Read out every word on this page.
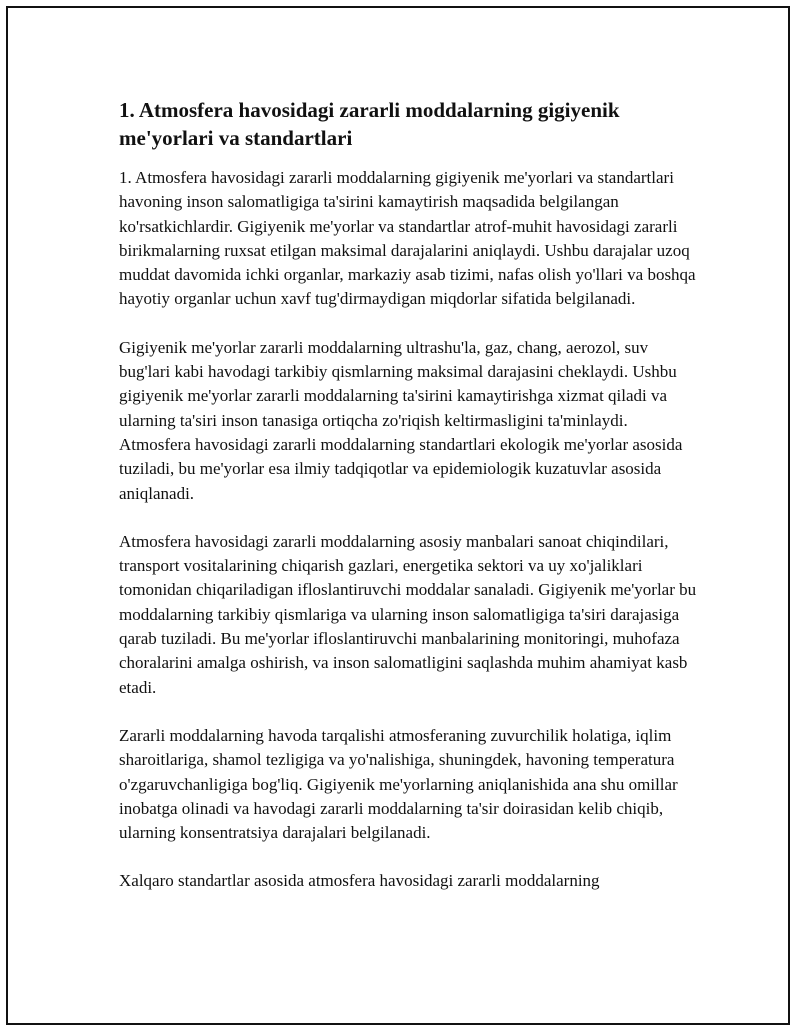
1. Atmosfera havosidagi zararli moddalarning gigiyenik me'yorlari va standartlari

1. Atmosfera havosidagi zararli moddalarning gigiyenik me'yorlari va standartlari havoning inson salomatligiga ta'sirini kamaytirish maqsadida belgilangan ko'rsatkichlardir. Gigiyenik me'yorlar va standartlar atrof-muhit havosidagi zararli birikmalarning ruxsat etilgan maksimal darajalarini aniqlaydi. Ushbu darajalar uzoq muddat davomida ichki organlar, markaziy asab tizimi, nafas olish yo'llari va boshqa hayotiy organlar uchun xavf tug'dirmaydigan miqdorlar sifatida belgilanadi.

Gigiyenik me'yorlar zararli moddalarning ultrashu'la, gaz, chang, aerozol, suv bug'lari kabi havodagi tarkibiy qismlarning maksimal darajasini cheklaydi. Ushbu gigiyenik me'yorlar zararli moddalarning ta'sirini kamaytirishga xizmat qiladi va ularning ta'siri inson tanasiga ortiqcha zo'riqish keltirmasligini ta'minlaydi. Atmosfera havosidagi zararli moddalarning standartlari ekologik me'yorlar asosida tuziladi, bu me'yorlar esa ilmiy tadqiqotlar va epidemiologik kuzatuvlar asosida aniqlanadi.

Atmosfera havosidagi zararli moddalarning asosiy manbalari sanoat chiqindilari, transport vositalarining chiqarish gazlari, energetika sektori va uy xo'jaliklari tomonidan chiqariladigan ifloslantiruvchi moddalar sanaladi. Gigiyenik me'yorlar bu moddalarning tarkibiy qismlariga va ularning inson salomatligiga ta'siri darajasiga qarab tuziladi. Bu me'yorlar ifloslantiruvchi manbalarining monitoringi, muhofaza choralarini amalga oshirish, va inson salomatligini saqlashda muhim ahamiyat kasb etadi.

Zararli moddalarning havoda tarqalishi atmosferaning zuvurchilik holatiga, iqlim sharoitlariga, shamol tezligiga va yo'nalishiga, shuningdek, havoning temperatura o'zgaruvchanligiga bog'liq. Gigiyenik me'yorlarning aniqlanishida ana shu omillar inobatga olinadi va havodagi zararli moddalarning ta'sir doirasidan kelib chiqib, ularning konsentratsiya darajalari belgilanadi.

Xalqaro standartlar asosida atmosfera havosidagi zararli moddalarning
